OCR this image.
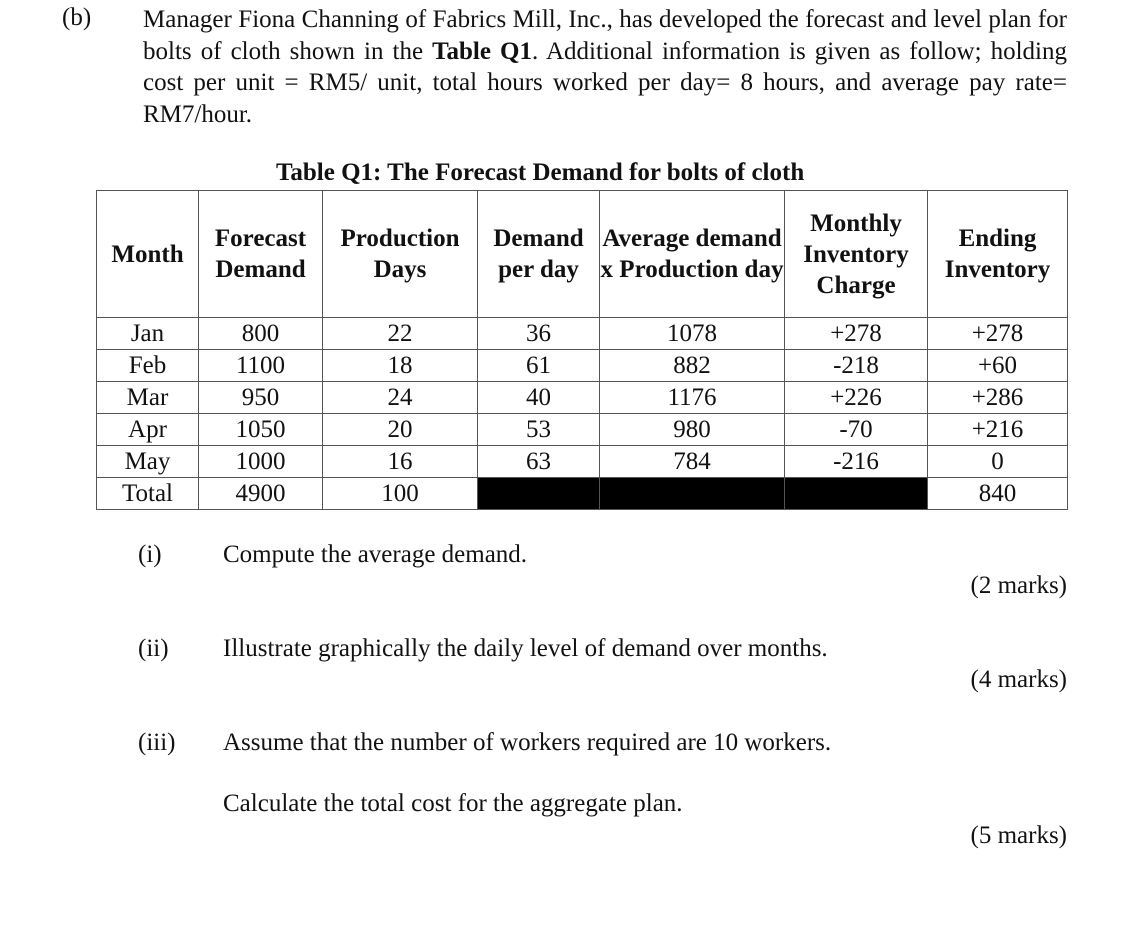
(b) Manager Fiona Channing of Fabrics Mill, Inc., has developed the forecast and level plan for bolts of cloth shown in the Table Q1. Additional information is given as follow; holding cost per unit = RM5/ unit, total hours worked per day= 8 hours, and average pay rate= RM7/hour.
Table Q1: The Forecast Demand for bolts of cloth
Month	Forecast Demand	Production Days	Demand per day	Average demand x Production day	Monthly Inventory Charge	Ending Inventory
Jan	800	22	36	1078	+278	+278
Feb	1100	18	61	882	-218	+60
Mar	950	24	40	1176	+226	+286
Apr	1050	20	53	980	-70	+216
May	1000	16	63	784	-216	0
Total	4900	100				840
(i) Compute the average demand.
(2 marks)
(ii) Illustrate graphically the daily level of demand over months.
(4 marks)
(iii) Assume that the number of workers required are 10 workers.
Calculate the total cost for the aggregate plan.
(5 marks)
